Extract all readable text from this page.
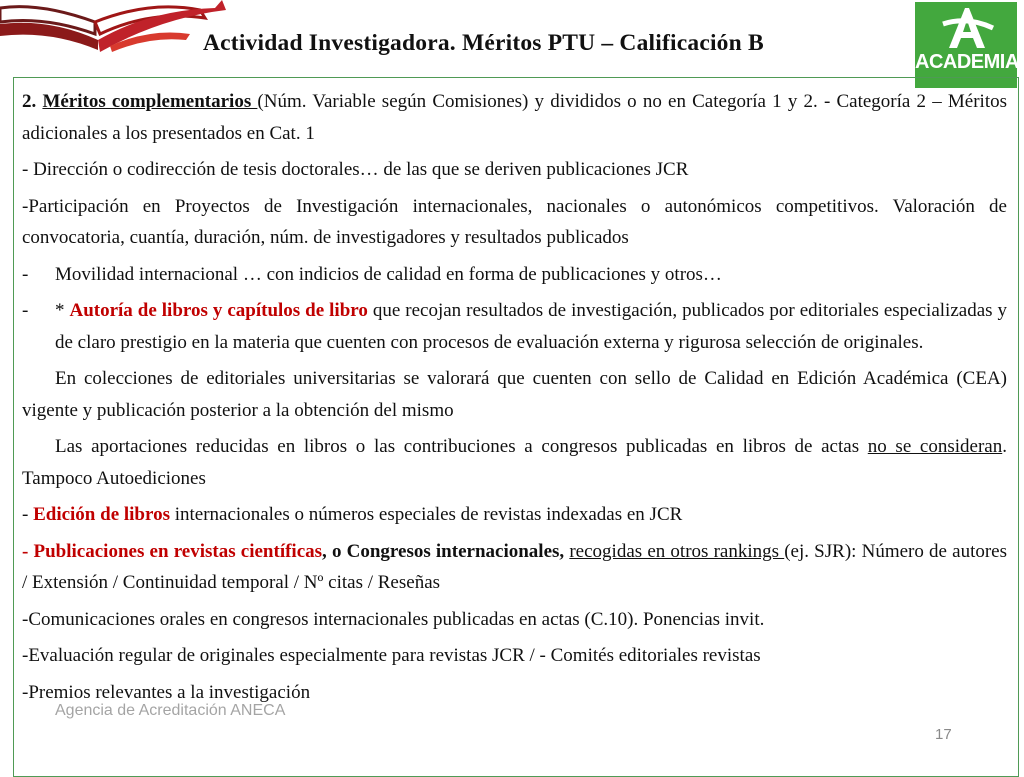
Actividad Investigadora. Méritos PTU – Calificación B
ACADEMIA

2. Méritos complementarios (Núm. Variable según Comisiones) y divididos o no en Categoría 1 y 2. - Categoría 2 – Méritos adicionales a los presentados en Cat. 1

- Dirección o codirección de tesis doctorales… de las que se deriven publicaciones JCR

-Participación en Proyectos de Investigación internacionales, nacionales o autonómicos competitivos. Valoración de convocatoria, cuantía, duración, núm. de investigadores y resultados publicados

- Movilidad internacional … con indicios de calidad en forma de publicaciones y otros…

- * Autoría de libros y capítulos de libro que recojan resultados de investigación, publicados por editoriales especializadas y de claro prestigio en la materia que cuenten con procesos de evaluación externa y rigurosa selección de originales.

En colecciones de editoriales universitarias se valorará que cuenten con sello de Calidad en Edición Académica (CEA) vigente y publicación posterior a la obtención del mismo

Las aportaciones reducidas en libros o las contribuciones a congresos publicadas en libros de actas no se consideran. Tampoco Autoediciones

- Edición de libros internacionales o números especiales de revistas indexadas en JCR

- Publicaciones en revistas científicas, o Congresos internacionales, recogidas en otros rankings (ej. SJR): Número de autores / Extensión / Continuidad temporal / Nº citas / Reseñas

-Comunicaciones orales en congresos internacionales publicadas en actas (C.10). Ponencias invit.

-Evaluación regular de originales especialmente para revistas JCR / - Comités editoriales revistas

-Premios relevantes a la investigación

Agencia de Acreditación ANECA
17
